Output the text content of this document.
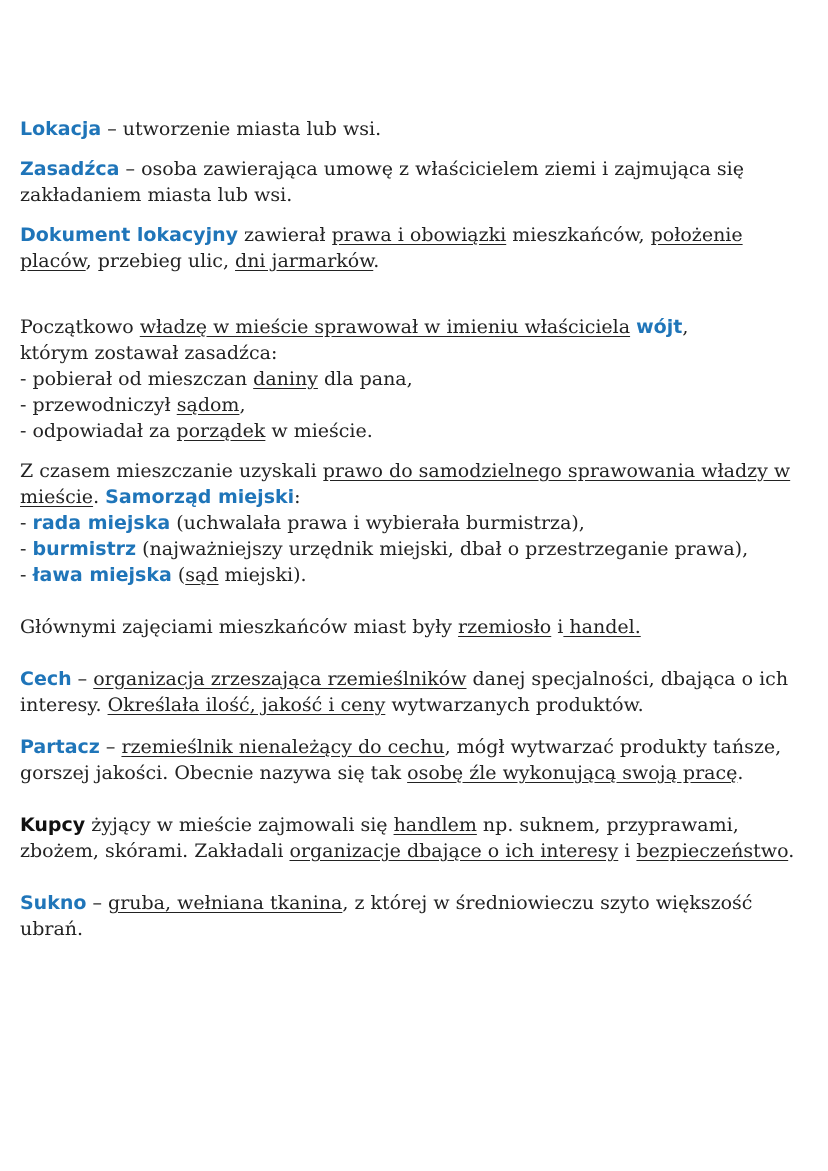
Lokacja – utworzenie miasta lub wsi.

Zasadźca – osoba zawierająca umowę z właścicielem ziemi i zajmująca się zakładaniem miasta lub wsi.

Dokument lokacyjny zawierał prawa i obowiązki mieszkańców, położenie placów, przebieg ulic, dni jarmarków.

Początkowo władzę w mieście sprawował w imieniu właściciela wójt,

którym zostawał zasadźca:

- pobierał od mieszczan daniny dla pana,

- przewodniczył sądom,

- odpowiadał za porządek w mieście.

Z czasem mieszczanie uzyskali prawo do samodzielnego sprawowania władzy w mieście. Samorząd miejski:

- rada miejska (uchwalała prawa i wybierała burmistrza),

- burmistrz (najważniejszy urzędnik miejski, dbał o przestrzeganie prawa),

- ława miejska (sąd miejski).

Głównymi zajęciami mieszkańców miast były rzemiosło i handel.

Cech – organizacja zrzeszająca rzemieślników danej specjalności, dbająca o ich interesy. Określała ilość, jakość i ceny wytwarzanych produktów.

Partacz – rzemieślnik nienależący do cechu, mógł wytwarzać produkty tańsze, gorszej jakości. Obecnie nazywa się tak osobę źle wykonującą swoją pracę.

Kupcy żyjący w mieście zajmowali się handlem np. suknem, przyprawami, zbożem, skórami. Zakładali organizacje dbające o ich interesy i bezpieczeństwo.

Sukno – gruba, wełniana tkanina, z której w średniowieczu szyto większość ubrań.
